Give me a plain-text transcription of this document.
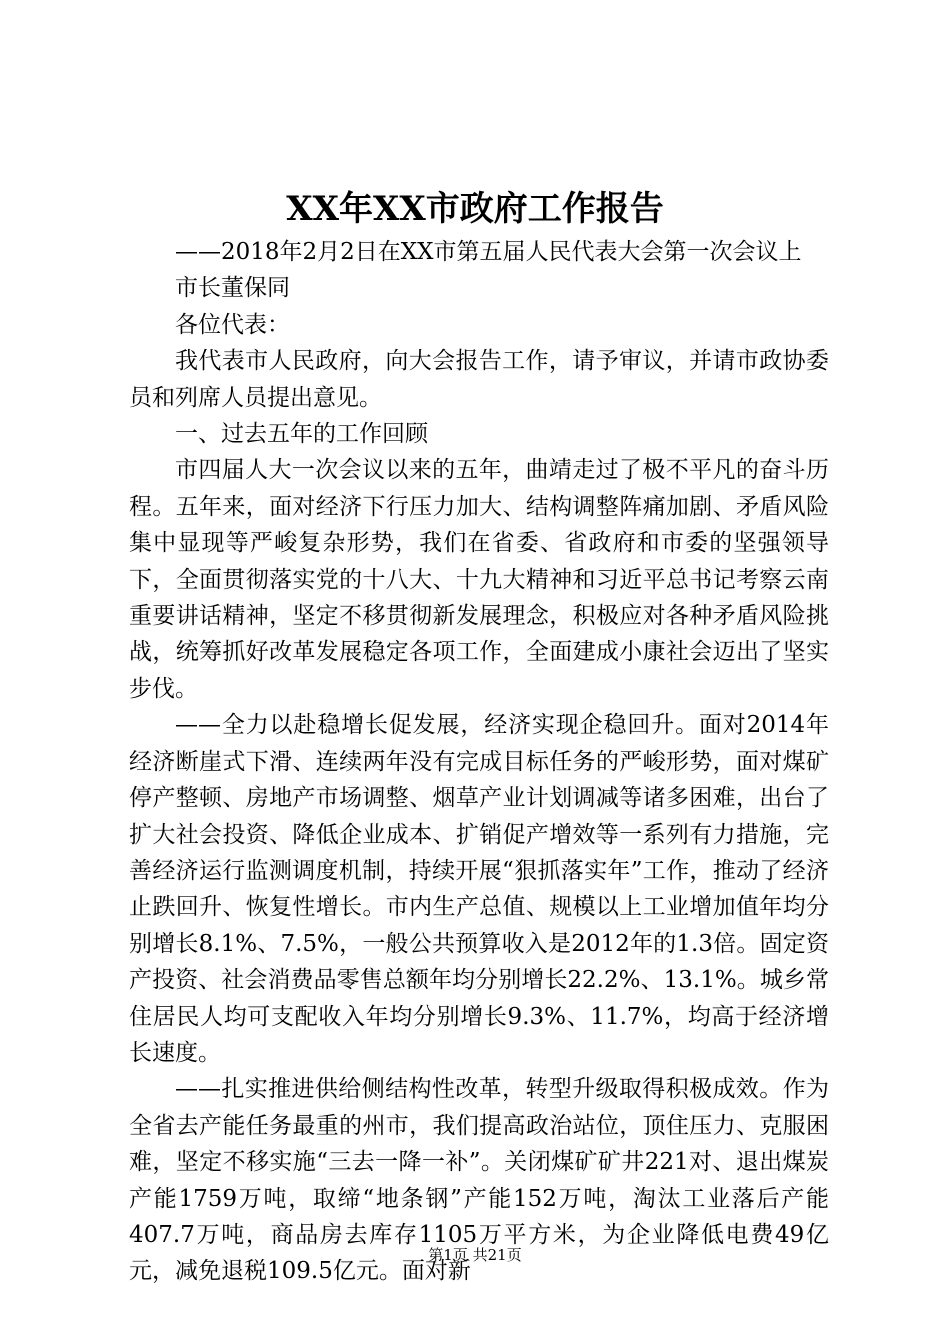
XX年XX市政府工作报告

——2018年2月2日在XX市第五届人民代表大会第一次会议上

市长董保同

各位代表：

我代表市人民政府，向大会报告工作，请予审议，并请市政协委员和列席人员提出意见。

一、过去五年的工作回顾

市四届人大一次会议以来的五年，曲靖走过了极不平凡的奋斗历程。五年来，面对经济下行压力加大、结构调整阵痛加剧、矛盾风险集中显现等严峻复杂形势，我们在省委、省政府和市委的坚强领导下，全面贯彻落实党的十八大、十九大精神和习近平总书记考察云南重要讲话精神，坚定不移贯彻新发展理念，积极应对各种矛盾风险挑战，统筹抓好改革发展稳定各项工作，全面建成小康社会迈出了坚实步伐。

——全力以赴稳增长促发展，经济实现企稳回升。面对2014年经济断崖式下滑、连续两年没有完成目标任务的严峻形势，面对煤矿停产整顿、房地产市场调整、烟草产业计划调减等诸多困难，出台了扩大社会投资、降低企业成本、扩销促产增效等一系列有力措施，完善经济运行监测调度机制，持续开展“狠抓落实年”工作，推动了经济止跌回升、恢复性增长。市内生产总值、规模以上工业增加值年均分别增长8.1%、7.5%，一般公共预算收入是2012年的1.3倍。固定资产投资、社会消费品零售总额年均分别增长22.2%、13.1%。城乡常住居民人均可支配收入年均分别增长9.3%、11.7%，均高于经济增长速度。

——扎实推进供给侧结构性改革，转型升级取得积极成效。作为全省去产能任务最重的州市，我们提高政治站位，顶住压力、克服困难，坚定不移实施“三去一降一补”。关闭煤矿矿井221对、退出煤炭产能1759万吨，取缔“地条钢”产能152万吨，淘汰工业落后产能407.7万吨，商品房去库存1105万平方米，为企业降低电费49亿元，减免退税109.5亿元。面对新

第1页 共21页
